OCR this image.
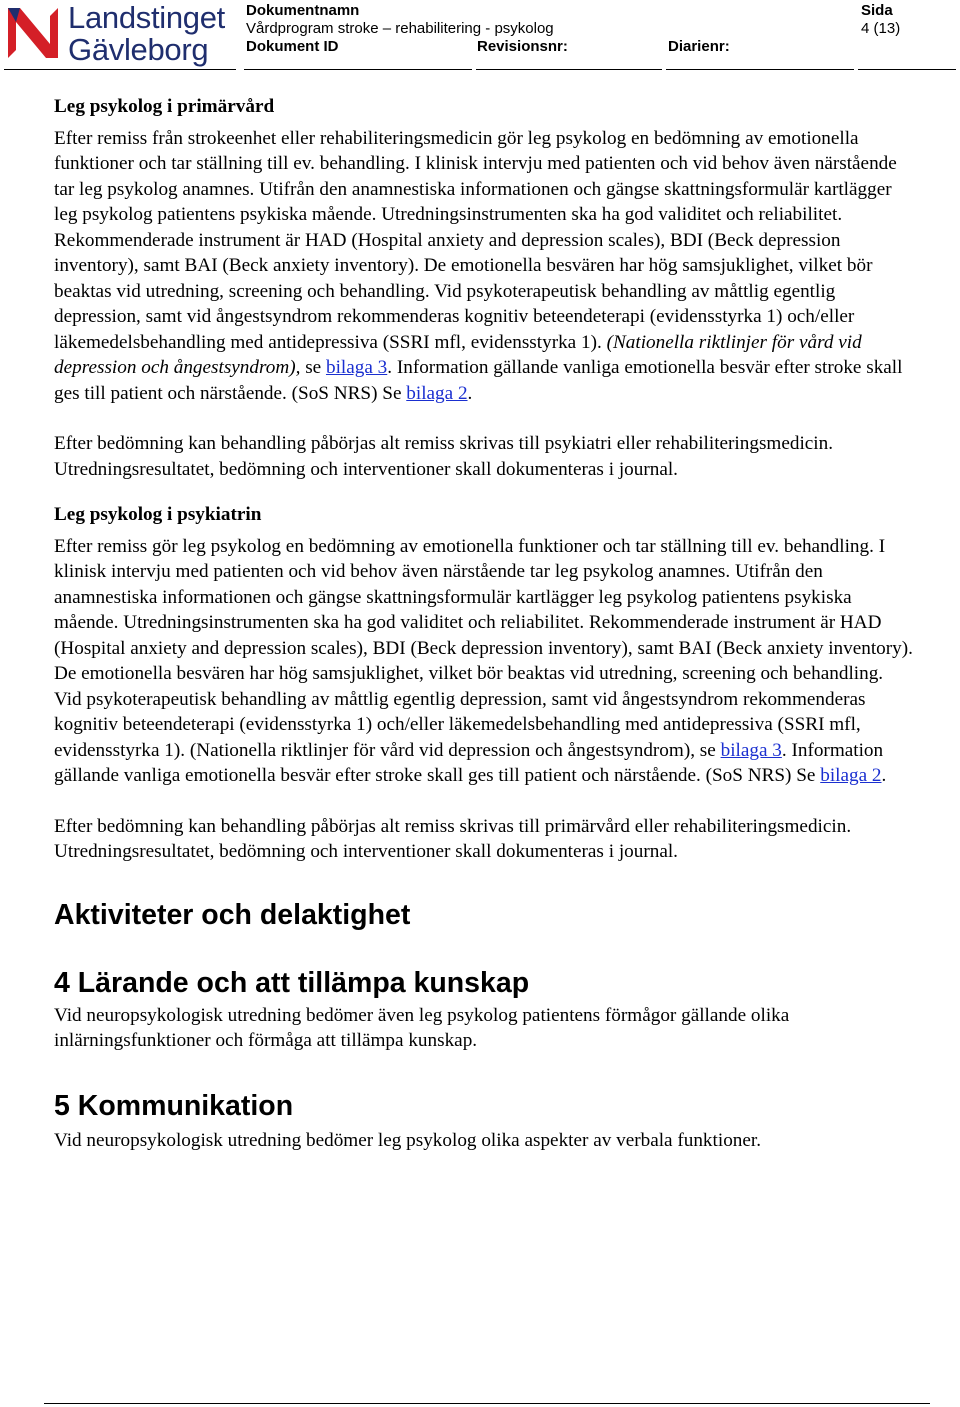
Landstinget
Gävleborg
Dokumentnamn
Vårdprogram stroke – rehabilitering - psykolog
Dokument ID	Revisionsnr:	Diarienr:
Sida
4 (13)
Leg psykolog i primärvård

Efter remiss från strokeenhet eller rehabiliteringsmedicin gör leg psykolog en bedömning av emotionella funktioner och tar ställning till ev. behandling. I klinisk intervju med patienten och vid behov även närstående tar leg psykolog anamnes. Utifrån den anamnestiska informationen och gängse skattningsformulär kartlägger leg psykolog patientens psykiska mående. Utredningsinstrumenten ska ha god validitet och reliabilitet. Rekommenderade instrument är HAD (Hospital anxiety and depression scales), BDI (Beck depression inventory), samt BAI (Beck anxiety inventory). De emotionella besvären har hög samsjuklighet, vilket bör beaktas vid utredning, screening och behandling. Vid psykoterapeutisk behandling av måttlig egentlig depression, samt vid ångestsyndrom rekommenderas kognitiv beteendeterapi (evidensstyrka 1) och/eller läkemedelsbehandling med antidepressiva (SSRI mfl, evidensstyrka 1). (Nationella riktlinjer för vård vid depression och ångestsyndrom), se bilaga 3. Information gällande vanliga emotionella besvär efter stroke skall ges till patient och närstående. (SoS NRS) Se bilaga 2.

Efter bedömning kan behandling påbörjas alt remiss skrivas till psykiatri eller rehabiliteringsmedicin. Utredningsresultatet, bedömning och interventioner skall dokumenteras i journal.

Leg psykolog i psykiatrin

Efter remiss gör leg psykolog en bedömning av emotionella funktioner och tar ställning till ev. behandling. I klinisk intervju med patienten och vid behov även närstående tar leg psykolog anamnes. Utifrån den anamnestiska informationen och gängse skattningsformulär kartlägger leg psykolog patientens psykiska mående. Utredningsinstrumenten ska ha god validitet och reliabilitet. Rekommenderade instrument är HAD (Hospital anxiety and depression scales), BDI (Beck depression inventory), samt BAI (Beck anxiety inventory). De emotionella besvären har hög samsjuklighet, vilket bör beaktas vid utredning, screening och behandling. Vid psykoterapeutisk behandling av måttlig egentlig depression, samt vid ångestsyndrom rekommenderas kognitiv beteendeterapi (evidensstyrka 1) och/eller läkemedelsbehandling med antidepressiva (SSRI mfl, evidensstyrka 1). (Nationella riktlinjer för vård vid depression och ångestsyndrom), se bilaga 3. Information gällande vanliga emotionella besvär efter stroke skall ges till patient och närstående. (SoS NRS) Se bilaga 2.

Efter bedömning kan behandling påbörjas alt remiss skrivas till primärvård eller rehabiliteringsmedicin. Utredningsresultatet, bedömning och interventioner skall dokumenteras i journal.

Aktiviteter och delaktighet
4 Lärande och att tillämpa kunskap

Vid neuropsykologisk utredning bedömer även leg psykolog patientens förmågor gällande olika inlärningsfunktioner och förmåga att tillämpa kunskap.

5 Kommunikation

Vid neuropsykologisk utredning bedömer leg psykolog olika aspekter av verbala funktioner.
